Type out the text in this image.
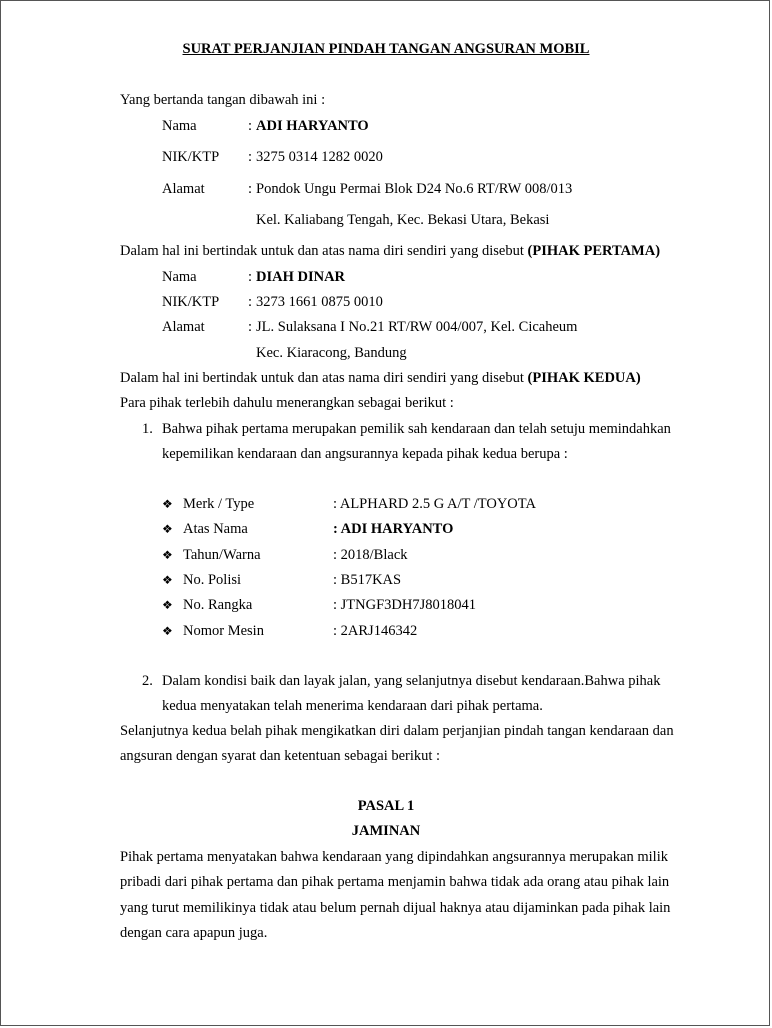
SURAT PERJANJIAN PINDAH TANGAN ANGSURAN MOBIL
Yang bertanda tangan dibawah ini :
Nama	: ADI HARYANTO
NIK/KTP : 3275 0314 1282 0020
Alamat	: Pondok Ungu Permai Blok D24 No.6 RT/RW 008/013
Kel. Kaliabang Tengah, Kec. Bekasi Utara, Bekasi
Dalam hal ini bertindak untuk dan atas nama diri sendiri yang disebut (PIHAK PERTAMA)
Nama	: DIAH DINAR
NIK/KTP : 3273 1661 0875 0010
Alamat	: JL. Sulaksana I No.21 RT/RW 004/007, Kel. Cicaheum
Kec. Kiaracong, Bandung
Dalam hal ini bertindak untuk dan atas nama diri sendiri yang disebut (PIHAK KEDUA)
Para pihak terlebih dahulu menerangkan sebagai berikut :
1. Bahwa pihak pertama merupakan pemilik sah kendaraan dan telah setuju memindahkan
kepemilikan kendaraan dan angsurannya kepada pihak kedua berupa :
❖ Merk / Type	: ALPHARD 2.5 G A/T /TOYOTA
❖ Atas Nama	: ADI HARYANTO
❖ Tahun/Warna	: 2018/Black
❖ No. Polisi	: B517KAS
❖ No. Rangka	: JTNGF3DH7J8018041
❖ Nomor Mesin	: 2ARJ146342
2. Dalam kondisi baik dan layak jalan, yang selanjutnya disebut kendaraan.Bahwa pihak
kedua menyatakan telah menerima kendaraan dari pihak pertama.
Selanjutnya kedua belah pihak mengikatkan diri dalam perjanjian pindah tangan kendaraan dan
angsuran dengan syarat dan ketentuan sebagai berikut :
PASAL 1
JAMINAN
Pihak pertama menyatakan bahwa kendaraan yang dipindahkan angsurannya merupakan milik
pribadi dari pihak pertama dan pihak pertama menjamin bahwa tidak ada orang atau pihak lain
yang turut memilikinya tidak atau belum pernah dijual haknya atau dijaminkan pada pihak lain
dengan cara apapun juga.
